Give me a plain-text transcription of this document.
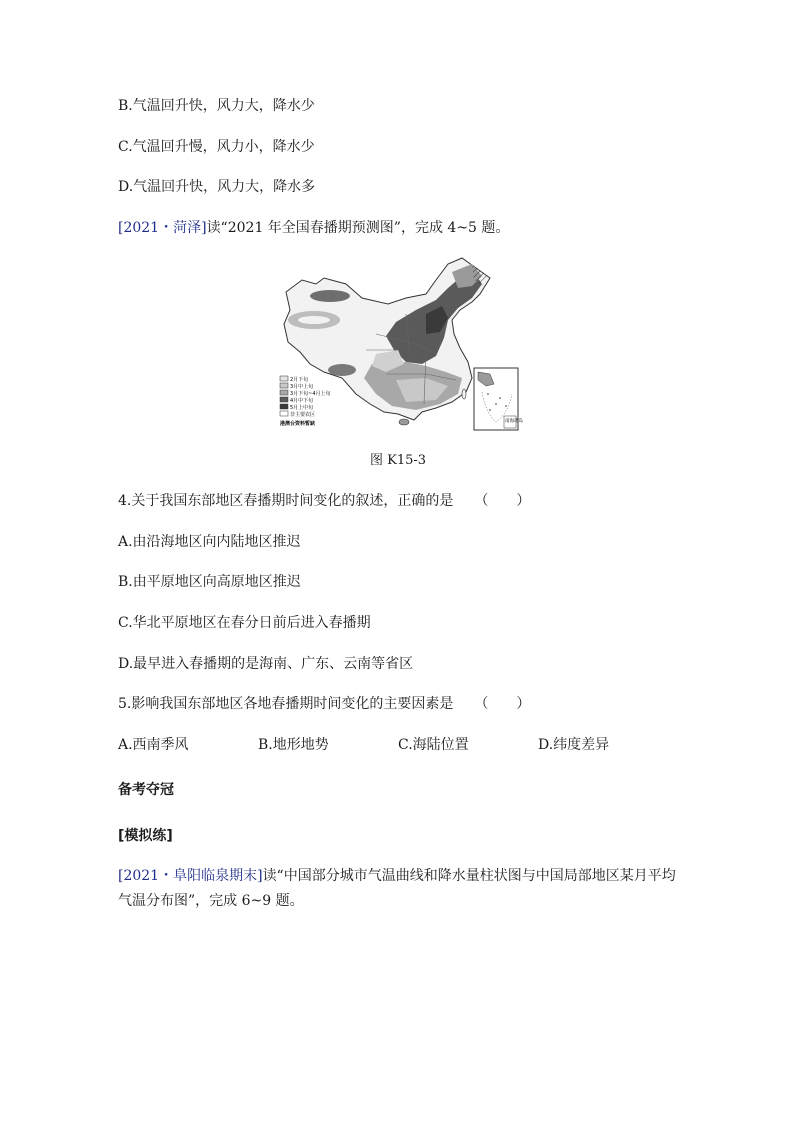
B.气温回升快，风力大，降水少
C.气温回升慢，风力小，降水少
D.气温回升快，风力大，降水多
[2021・菏泽]读“2021 年全国春播期预测图”，完成 4~5 题。
2月下旬
3月中上旬
3月下旬~4月上旬
4月中下旬
5月上中旬
非主要农区
港澳台资料暂缺	南海诸岛
图 K15-3
4.关于我国东部地区春播期时间变化的叙述，正确的是　　（　　）
A.由沿海地区向内陆地区推迟
B.由平原地区向高原地区推迟
C.华北平原地区在春分日前后进入春播期
D.最早进入春播期的是海南、广东、云南等省区
5.影响我国东部地区各地春播期时间变化的主要因素是　　（　　）
A.西南季风	B.地形地势	C.海陆位置	D.纬度差异
备考夺冠
[模拟练]
[2021・阜阳临泉期末]读“中国部分城市气温曲线和降水量柱状图与中国局部地区某月平均
气温分布图”，完成 6~9 题。
